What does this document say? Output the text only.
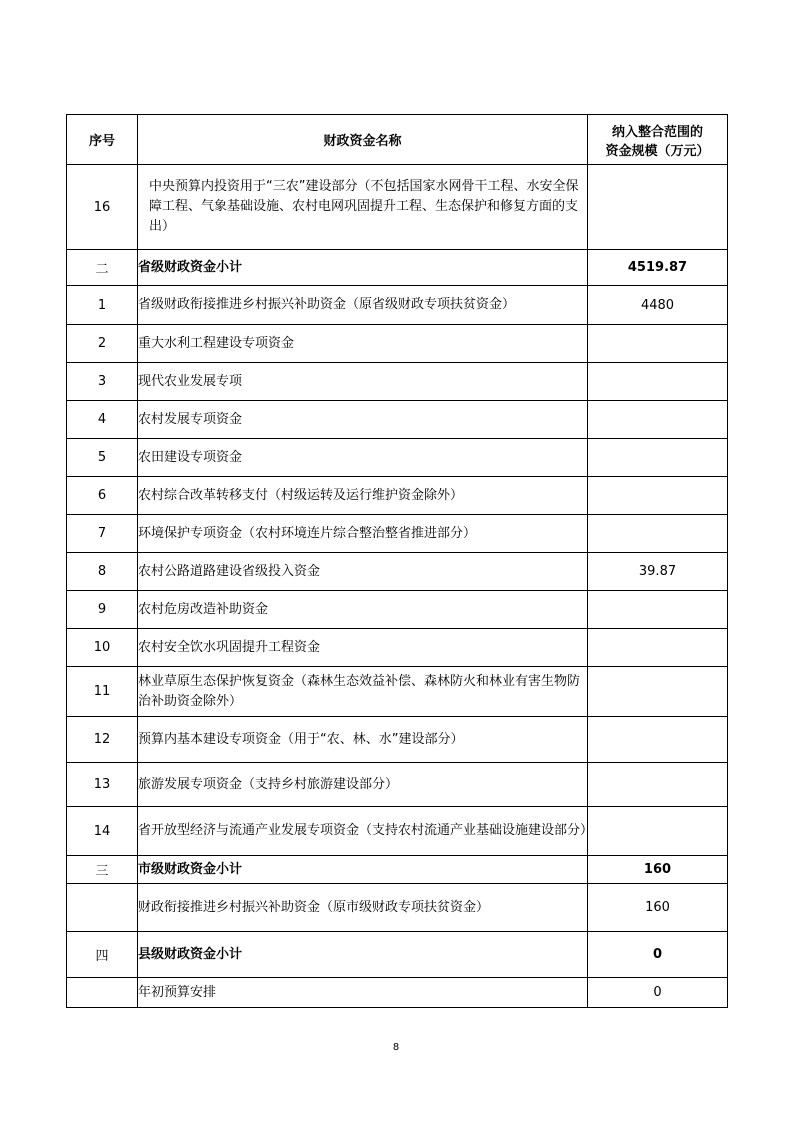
序号	财政资金名称	纳入整合范围的
资金规模（万元）

16	中央预算内投资用于“三农”建设部分（不包括国家水网骨干工程、水安全保障工程、气象基础设施、农村电网巩固提升工程、生态保护和修复方面的支出）	
二	省级财政资金小计	4519.87
1	省级财政衔接推进乡村振兴补助资金（原省级财政专项扶贫资金）	4480
2	重大水利工程建设专项资金	
3	现代农业发展专项	
4	农村发展专项资金	
5	农田建设专项资金	
6	农村综合改革转移支付（村级运转及运行维护资金除外）	
7	环境保护专项资金（农村环境连片综合整治整省推进部分）	
8	农村公路道路建设省级投入资金	39.87
9	农村危房改造补助资金	
10	农村安全饮水巩固提升工程资金	
11	林业草原生态保护恢复资金（森林生态效益补偿、森林防火和林业有害生物防治补助资金除外）	
12	预算内基本建设专项资金（用于“农、林、水”建设部分）	
13	旅游发展专项资金（支持乡村旅游建设部分）	
14	省开放型经济与流通产业发展专项资金（支持农村流通产业基础设施建设部分）	
三	市级财政资金小计	160
	财政衔接推进乡村振兴补助资金（原市级财政专项扶贫资金）	160
四	县级财政资金小计	0
	年初预算安排	0
8
